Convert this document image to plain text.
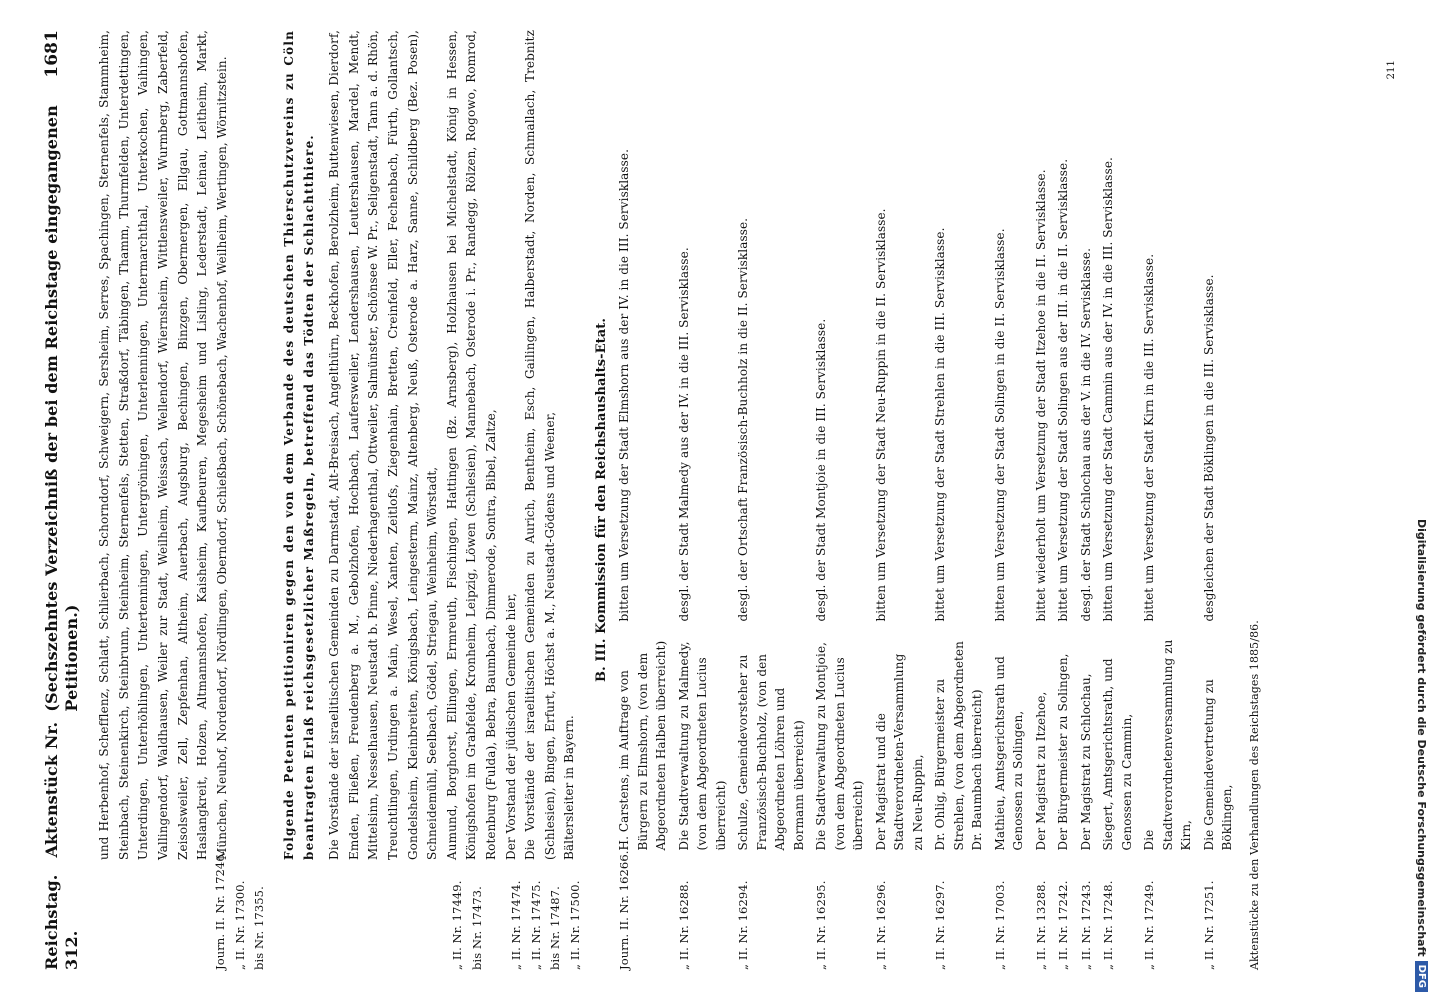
Reichstag.   Aktenstück Nr. 312.
(Sechszehntes Verzeichniß der bei dem Reichstage eingegangenen Petitionen.)
1681
Journ. II. Nr. 17246. „ II. Nr. 17300. bis Nr. 17355.

und Herbenhof, Schefflenz, Schlatt, Schlierbach, Schorndorf, Schweigern, Sersheim, Serres, Spachingen, Sternenfels, Stammheim, Steinbach, Steinenkirch, Steinbrunn, Steinheim, Sternenfels, Stetten, Straßdorf, Täbingen, Thamm, Thurmfelden, Unterdettingen, Unterdingen, Unterhöhlingen, Untertenningen, Untergröningen, Unterlenningen, Untermarchthal, Unterkochen, Vaihingen, Vallingendorf, Waldhausen, Weiler zur Stadt, Weilheim, Weissach, Wellendorf, Wiernsheim, Wittlensweiler, Wurmberg, Zaberfeld, Zeisolsweiler, Zell, Zepfenhan, Altheim, Auerbach, Augsburg, Bechingen, Binzgen, Obermergen, Ellgau, Gottmannshofen, Haslangkreit, Holzen, Altmannshofen, Kaisheim, Kaufbeuren, Megesheim und Lisling, Lederstadt, Leinau, Leitheim, Markt, München, Neuhof, Nordendorf, Nördlingen, Oberndorf, Schießbach, Schönebach, Wachenhof, Weilheim, Wertingen, Wörnitzstein.

„ II. Nr. 17449. bis Nr. 17473.	„ II. Nr. 17474. „ II. Nr. 17475. bis Nr. 17487. „ II. Nr. 17500.

Folgende Petenten petitioniren gegen den von dem Verbande des deutschen Thierschutzvereins zu Cöln beantragten Erlaß reichsgesetzlicher Maßregeln, betreffend das Tödten der Schlachtthiere. Die Vorstände der israelitischen Gemeinden zu Darmstadt, Alt-Breisach, Angelthürn, Beckhofen, Berolzheim, Buttenwiesen, Dierdorf, Emden, Fließen, Freudenberg a. M., Gebolzhofen, Hochbach, Laufersweiler, Lendershausen, Leutershausen, Mardel, Mendt, Mittelsinn, Nesselhausen, Neustadt b. Pinne, Niederhagenthal, Ottweiler, Salmünster, Schönsee W. Pr., Seligenstadt, Tann a. d. Rhön, Treuchtlingen, Urdingen a. Main, Wesel, Xanten, Zeitlofs, Ziegenhain, Bretten, Creinfeld, Eller, Fechenbach, Fürth, Gollantsch, Gondelsheim, Kleinbreiten, Königsbach, Leingesterm, Mainz, Altenberg, Neuß, Osterode a. Harz, Sanne, Schildberg (Bez. Posen), Schneidemühl, Seelbach, Gödel, Striegau, Weinheim, Wörstadt, Aumund, Borghorst, Ellingen, Ermreuth, Fischingen, Hattingen (Bz. Arnsberg), Holzhausen bei Michelstadt, König in Hessen, Königshofen im Grabfelde, Kronheim, Leipzig, Löwen (Schlesien), Mannebach, Osterode i. Pr., Randegg, Rölzen, Rogowo, Romrod, Rotenburg (Fulda), Bebra, Baumbach, Dimmerode, Sontra, Bibel, Zaltze, Der Vorstand der jüdischen Gemeinde hier, Die Vorstände der israelitischen Gemeinden zu Aurich, Bentheim, Esch, Gailingen, Halberstadt, Norden, Schmallach, Trebnitz (Schlesien), Bingen, Erfurt, Höchst a. M., Neustadt-Gödens und Weener, Bältersleiter in Bayern.

B. III. Kommission für den Reichshaushalts-Etat.
Journ. II. Nr. 16266.	H. Carstens, im Auftrage von Bürgern zu Elmshorn, (von dem Abgeordneten Halben überreicht)	bitten um Versetzung der Stadt Elmshorn aus der IV. in die III. Servisklasse.
„ II. Nr. 16288.	Die Stadtverwaltung zu Malmedy, (von dem Abgeordneten Lucius überreicht)	desgl. der Stadt Malmedy aus der IV. in die III. Servisklasse.
„ II. Nr. 16294.	Schulze, Gemeindevorsteher zu Französisch-Buchholz, (von den Abgeordneten Löhren und Bormann überreicht)	desgl. der Ortschaft Französisch-Buchholz in die II. Servisklasse.
„ II. Nr. 16295.	Die Stadtverwaltung zu Montjoie, (von dem Abgeordneten Lucius überreicht)	desgl. der Stadt Montjoie in die III. Servisklasse.
„ II. Nr. 16296.	Der Magistrat und die Stadtverordneten-Versammlung zu Neu-Ruppin,	bitten um Versetzung der Stadt Neu-Ruppin in die II. Servisklasse.
„ II. Nr. 16297.	Dr. Ohlig, Bürgermeister zu Strehlen, (von dem Abgeordneten Dr. Baumbach überreicht)	bittet um Versetzung der Stadt Strehlen in die III. Servisklasse.
„ II. Nr. 17003.	Mathieu, Amtsgerichtsrath und Genossen zu Solingen,	bitten um Versetzung der Stadt Solingen in die II. Servisklasse.
„ II. Nr. 13288.	Der Magistrat zu Itzehoe,	bittet wiederholt um Versetzung der Stadt Itzehoe in die II. Servisklasse.
„ II. Nr. 17242.	Der Bürgermeister zu Solingen,	bittet um Versetzung der Stadt Solingen aus der III. in die II. Servisklasse.
„ II. Nr. 17243.	Der Magistrat zu Schlochau,	desgl. der Stadt Schlochau aus der V. in die IV. Servisklasse.
„ II. Nr. 17248.	Siegert, Amtsgerichtsrath, und Genossen zu Cammin,	bitten um Versetzung der Stadt Cammin aus der IV. in die III. Servisklasse.
„ II. Nr. 17249.	Die Stadtverordnetenversammlung zu Kirn,	bittet um Versetzung der Stadt Kirn in die III. Servisklasse.
„ II. Nr. 17251.	Die Gemeindevertretung zu Böklingen,	desgleichen der Stadt Böklingen in die III. Servisklasse.
Aktenstücke zu den Verhandlungen des Reichstages 1885/86.
211
Digitalisierung gefördert durch die Deutsche Forschungsgemeinschaft
DFG
